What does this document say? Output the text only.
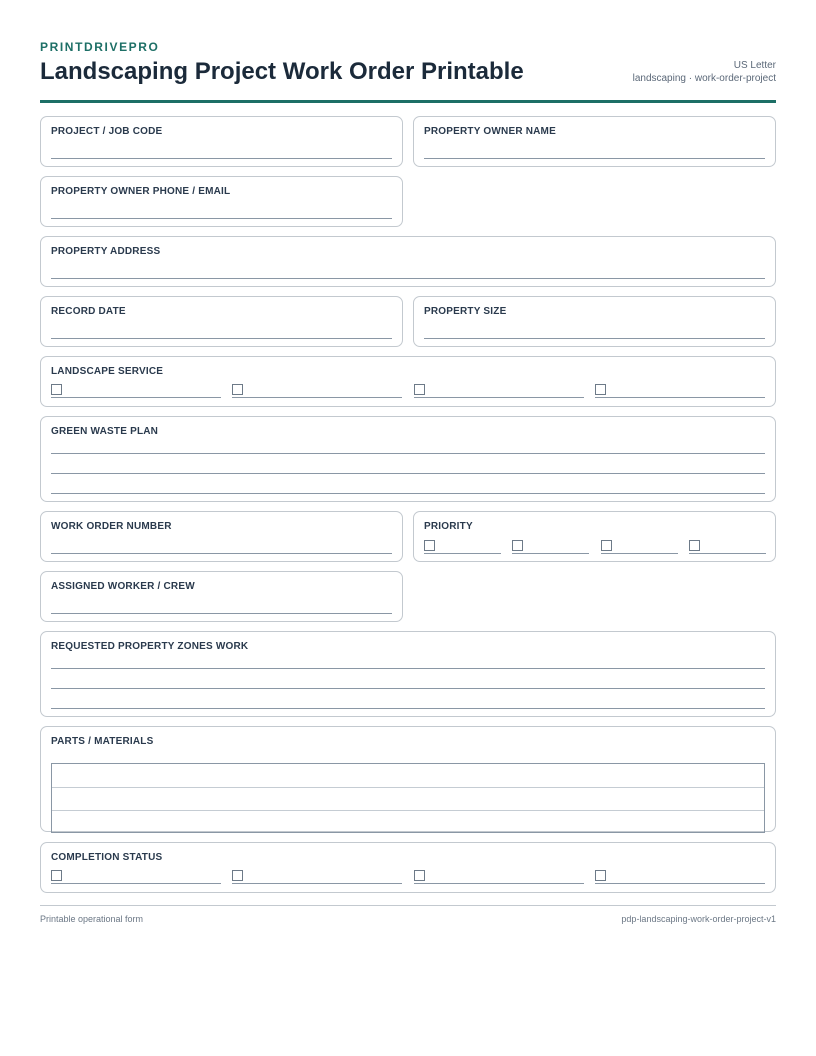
PRINTDRIVEPRO
Landscaping Project Work Order Printable	US Letter
landscaping · work-order-project
PROJECT / JOB CODE	PROPERTY OWNER NAME
PROPERTY OWNER PHONE / EMAIL
PROPERTY ADDRESS
RECORD DATE	PROPERTY SIZE
LANDSCAPE SERVICE
GREEN WASTE PLAN
WORK ORDER NUMBER	PRIORITY
ASSIGNED WORKER / CREW
REQUESTED PROPERTY ZONES WORK
PARTS / MATERIALS
COMPLETION STATUS
Printable operational form	pdp-landscaping-work-order-project-v1
